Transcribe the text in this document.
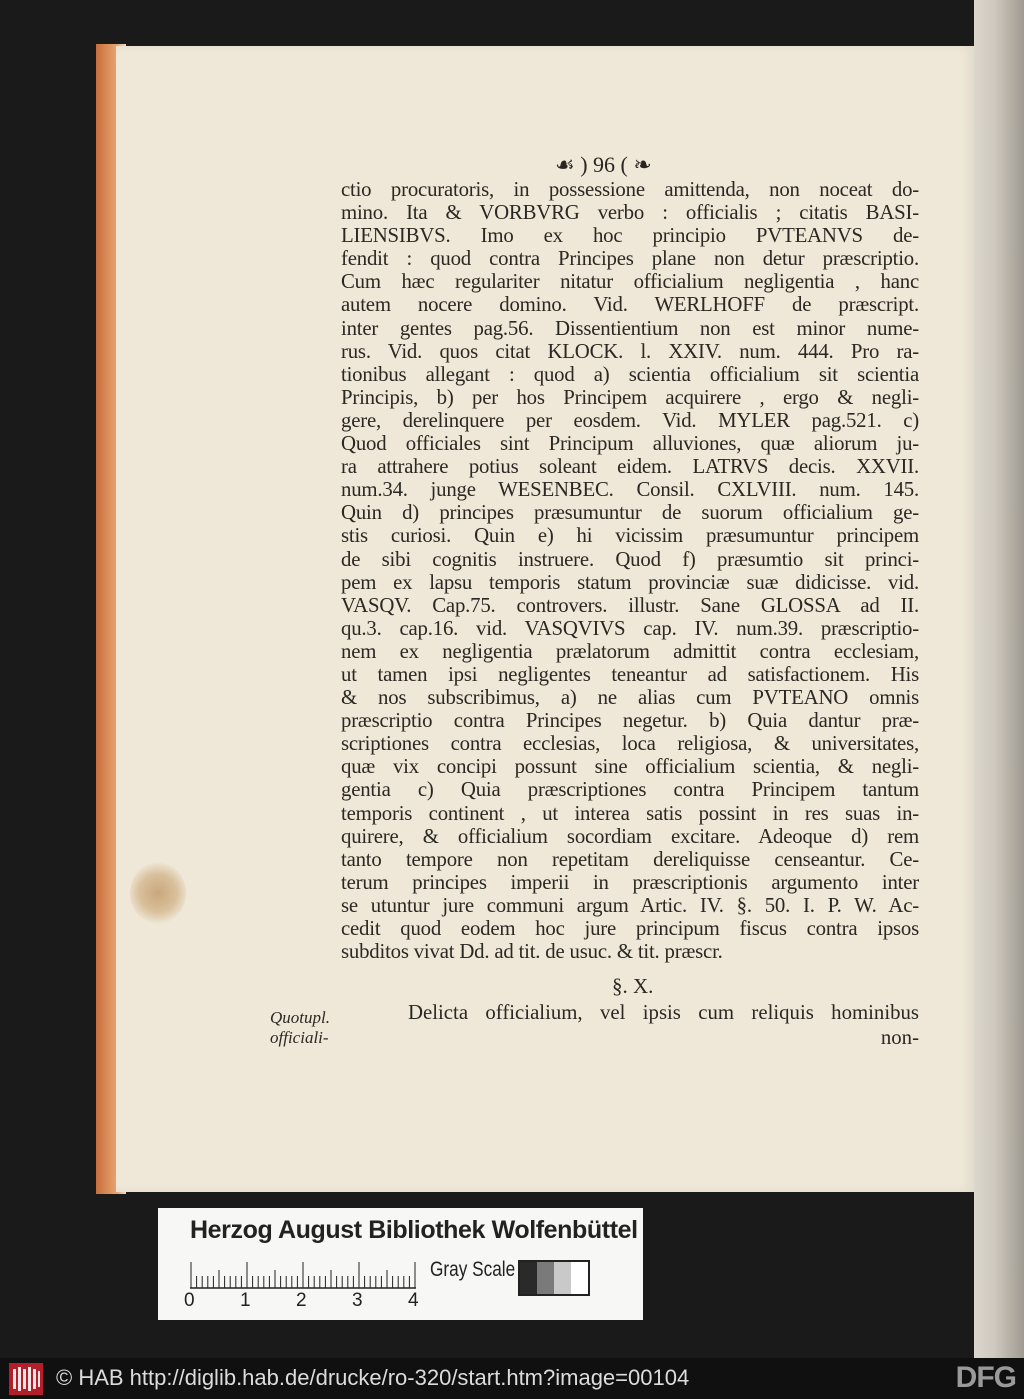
☙ ) 96 ( ❧
ctio procuratoris, in possessione amittenda, non noceat do-
mino. Ita & VORBVRG verbo : officialis ; citatis BASI-
LIENSIBVS. Imo ex hoc principio PVTEANVS de-
fendit : quod contra Principes plane non detur præscriptio.
Cum hæc regulariter nitatur officialium negligentia , hanc
autem nocere domino. Vid. WERLHOFF de præscript.
inter gentes pag.56. Dissentientium non est minor nume-
rus. Vid. quos citat KLOCK. l. XXIV. num. 444. Pro ra-
tionibus allegant : quod a) scientia officialium sit scientia
Principis, b) per hos Principem acquirere , ergo & negli-
gere, derelinquere per eosdem. Vid. MYLER pag.521. c)
Quod officiales sint Principum alluviones, quæ aliorum ju-
ra attrahere potius soleant eidem. LATRVS decis. XXVII.
num.34. junge WESENBEC. Consil. CXLVIII. num. 145.
Quin d) principes præsumuntur de suorum officialium ge-
stis curiosi. Quin e) hi vicissim præsumuntur principem
de sibi cognitis instruere. Quod f) præsumtio sit princi-
pem ex lapsu temporis statum provinciæ suæ didicisse. vid.
VASQV. Cap.75. controvers. illustr. Sane GLOSSA ad II.
qu.3. cap.16. vid. VASQVIVS cap. IV. num.39. præscriptio-
nem ex negligentia prælatorum admittit contra ecclesiam,
ut tamen ipsi negligentes teneantur ad satisfactionem. His
& nos subscribimus, a) ne alias cum PVTEANO omnis
præscriptio contra Principes negetur. b) Quia dantur præ-
scriptiones contra ecclesias, loca religiosa, & universitates,
quæ vix concipi possunt sine officialium scientia, & negli-
gentia c) Quia præscriptiones contra Principem tantum
temporis continent , ut interea satis possint in res suas in-
quirere, & officialium socordiam excitare. Adeoque d) rem
tanto tempore non repetitam dereliquisse censeantur. Ce-
terum principes imperii in præscriptionis argumento inter
se utuntur jure communi argum Artic. IV. §. 50. I. P. W. Ac-
cedit quod eodem hoc jure principum fiscus contra ipsos
subditos vivat Dd. ad tit. de usuc. & tit. præscr.
§. X.
Delicta officialium, vel ipsis cum reliquis hominibus
non-
Quotupl.
officiali-
Herzog August Bibliothek Wolfenbüttel
0 1 2 3 4
Gray Scale
© HAB http://diglib.hab.de/drucke/ro-320/start.htm?image=00104	DFG
